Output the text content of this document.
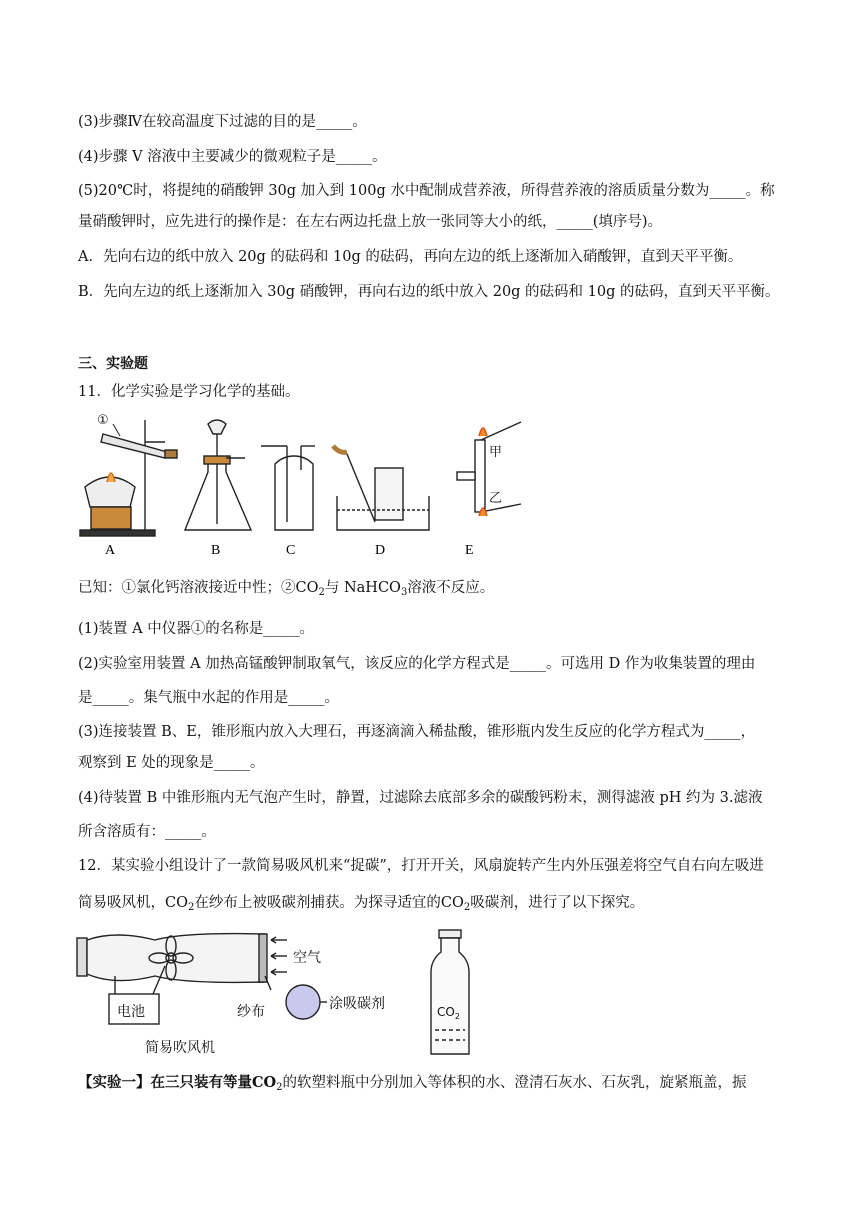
(3)步骤Ⅳ在较高温度下过滤的目的是_____。
(4)步骤 V 溶液中主要减少的微观粒子是_____。
(5)20℃时，将提纯的硝酸钾 30g 加入到 100g 水中配制成营养液，所得营养液的溶质质量分数为_____。称
量硝酸钾时，应先进行的操作是：在左右两边托盘上放一张同等大小的纸，_____(填序号)。
A．先向右边的纸中放入 20g 的砝码和 10g 的砝码，再向左边的纸上逐渐加入硝酸钾，直到天平平衡。
B．先向左边的纸上逐渐加入 30g 硝酸钾，再向右边的纸中放入 20g 的砝码和 10g 的砝码，直到天平平衡。
三、实验题
11．化学实验是学习化学的基础。
①
甲
乙
A	B	C	D	E
已知：①氯化钙溶液接近中性；$②CO_2$与 NaHCO$_3$溶液不反应。
(1)装置 A 中仪器①的名称是_____。
(2)实验室用装置 A 加热高锰酸钾制取氧气，该反应的化学方程式是_____。可选用 D 作为收集装置的理由
是_____。集气瓶中水起的作用是_____。
(3)连接装置 B、E，锥形瓶内放入大理石，再逐滴滴入稀盐酸，锥形瓶内发生反应的化学方程式为_____，
观察到 E 处的现象是_____。
(4)待装置 B 中锥形瓶内无气泡产生时，静置，过滤除去底部多余的碳酸钙粉末，测得滤液 pH 约为 3.滤液
所含溶质有：_____。
12．某实验小组设计了一款简易吸风机来“捉碳”，打开开关，风扇旋转产生内外压强差将空气自右向左吸进
简易吸风机，$CO_2$在纱布上被吸碳剂捕获。为探寻适宜的$CO_2$吸碳剂，进行了以下探究。
空气
纱布	涂吸碳剂
电池
简易吹风机
$CO_2$
【实验一】在三只装有等量$CO_2$的软塑料瓶中分别加入等体积的水、澄清石灰水、石灰乳，旋紧瓶盖，振
